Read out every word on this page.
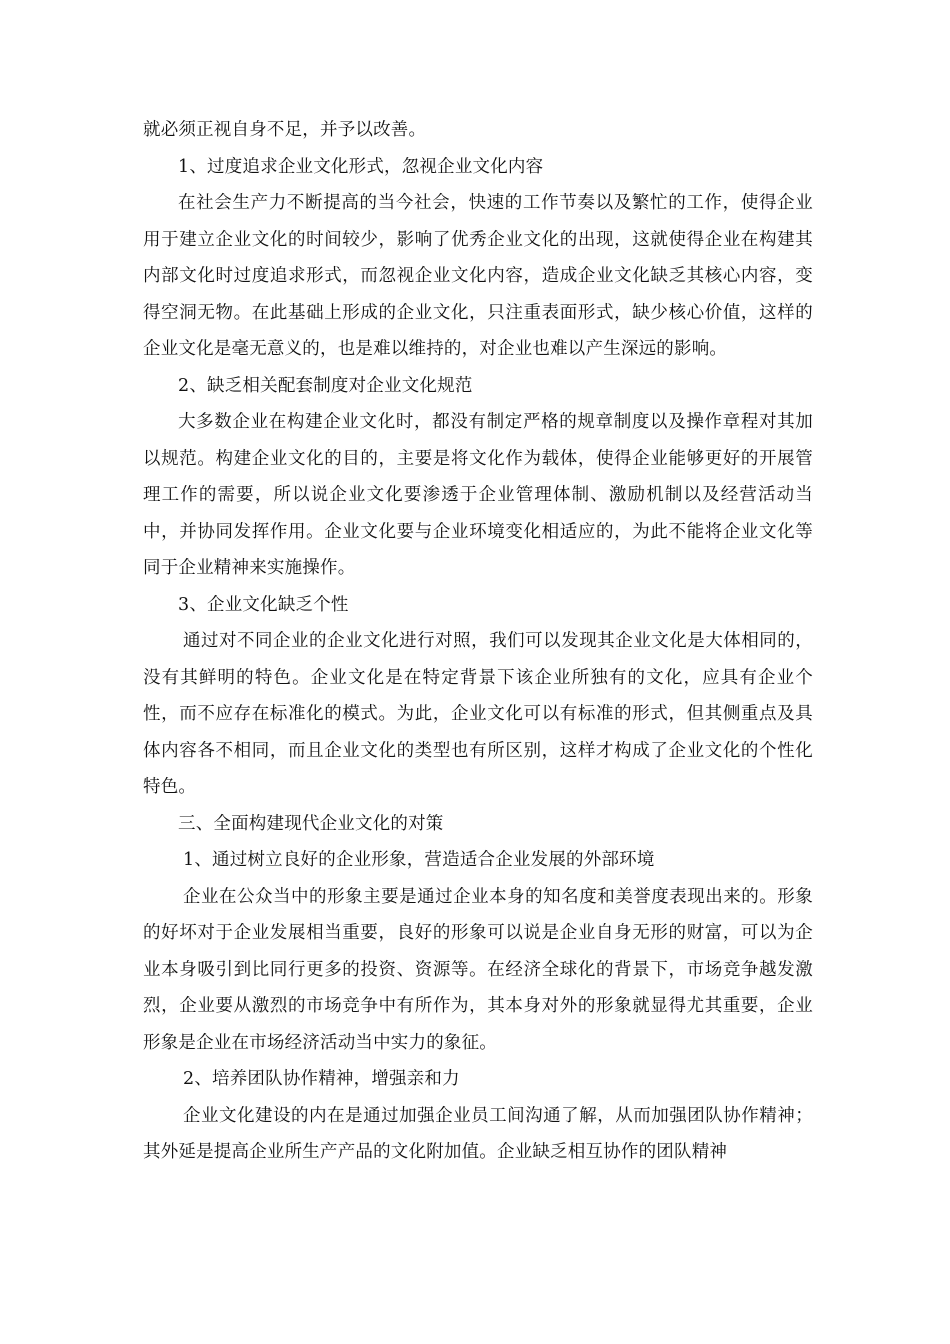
就必须正视自身不足，并予以改善。

1、过度追求企业文化形式，忽视企业文化内容

在社会生产力不断提高的当今社会，快速的工作节奏以及繁忙的工作，使得企业用于建立企业文化的时间较少，影响了优秀企业文化的出现，这就使得企业在构建其内部文化时过度追求形式，而忽视企业文化内容，造成企业文化缺乏其核心内容，变得空洞无物。在此基础上形成的企业文化，只注重表面形式，缺少核心价值，这样的企业文化是毫无意义的，也是难以维持的，对企业也难以产生深远的影响。

2、缺乏相关配套制度对企业文化规范

大多数企业在构建企业文化时，都没有制定严格的规章制度以及操作章程对其加以规范。构建企业文化的目的，主要是将文化作为载体，使得企业能够更好的开展管理工作的需要，所以说企业文化要渗透于企业管理体制、激励机制以及经营活动当中，并协同发挥作用。企业文化要与企业环境变化相适应的，为此不能将企业文化等同于企业精神来实施操作。

3、企业文化缺乏个性

通过对不同企业的企业文化进行对照，我们可以发现其企业文化是大体相同的，没有其鲜明的特色。企业文化是在特定背景下该企业所独有的文化，应具有企业个性，而不应存在标准化的模式。为此，企业文化可以有标准的形式，但其侧重点及具体内容各不相同，而且企业文化的类型也有所区别，这样才构成了企业文化的个性化特色。

三、全面构建现代企业文化的对策

1、通过树立良好的企业形象，营造适合企业发展的外部环境

企业在公众当中的形象主要是通过企业本身的知名度和美誉度表现出来的。形象的好坏对于企业发展相当重要，良好的形象可以说是企业自身无形的财富，可以为企业本身吸引到比同行更多的投资、资源等。在经济全球化的背景下，市场竞争越发激烈，企业要从激烈的市场竞争中有所作为，其本身对外的形象就显得尤其重要，企业形象是企业在市场经济活动当中实力的象征。

2、培养团队协作精神，增强亲和力

企业文化建设的内在是通过加强企业员工间沟通了解，从而加强团队协作精神；其外延是提高企业所生产产品的文化附加值。企业缺乏相互协作的团队精神
